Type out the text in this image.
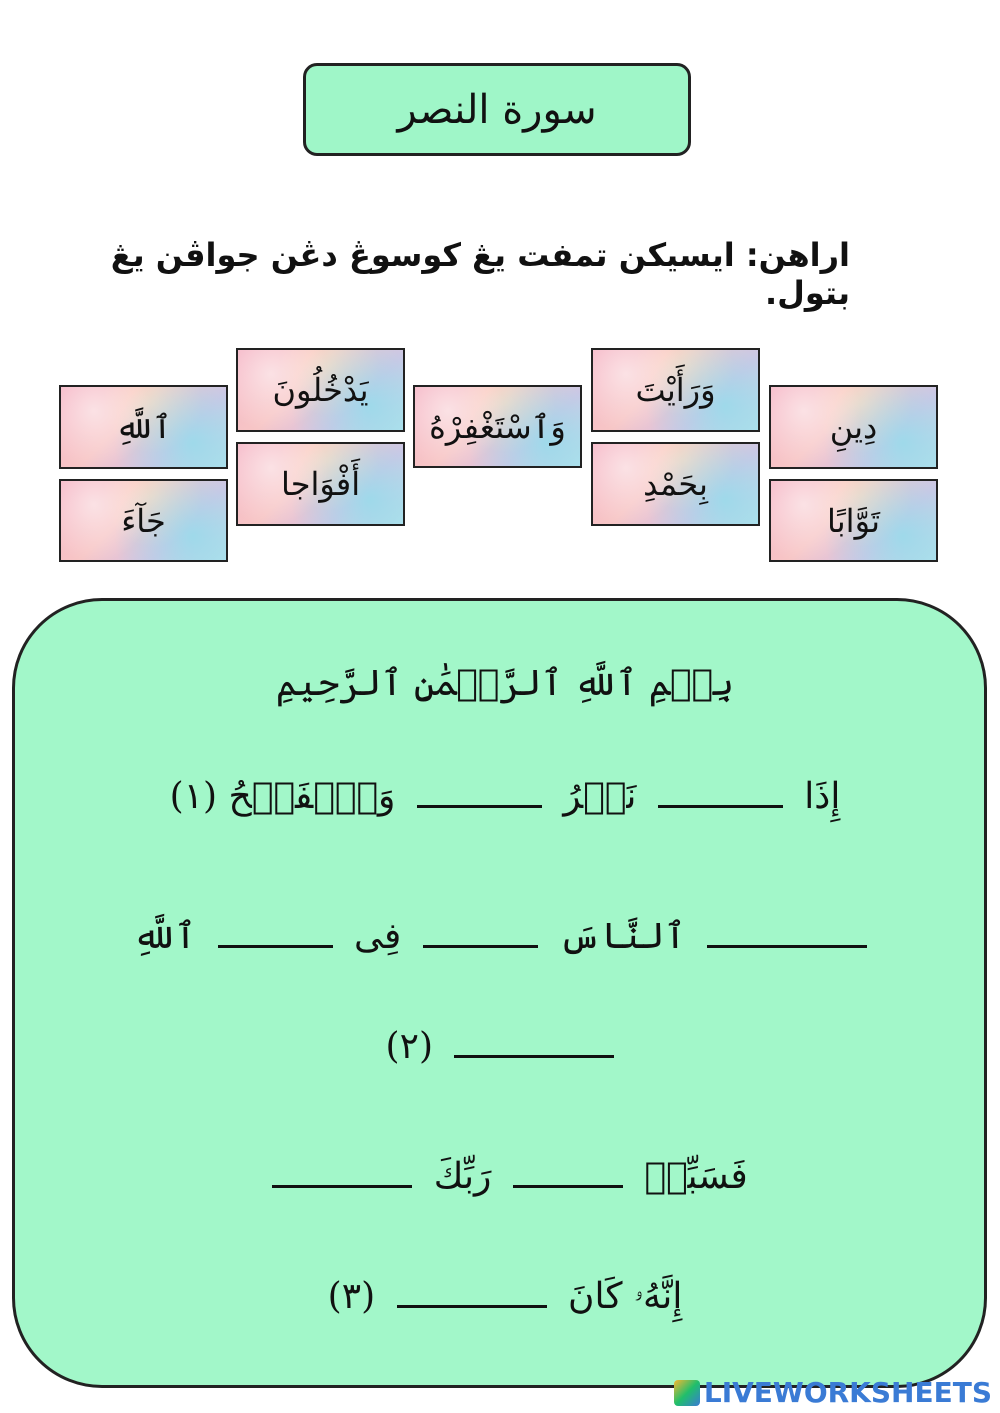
سورة النصر
اراهن: ايسيكن تمفت يڠ كوسوڠ دڠن جواڤن يڠ بتول.
دِينِ
تَوَّابًا
وَرَأَيْتَ
بِحَمْدِ
وَٱسْتَغْفِرْهُ
يَدْخُلُونَ
أَفْوَاجا
ٱللَّهِ
جَآءَ
بِسۡمِ ٱللَّهِ ٱلرَّحۡمَٰنِ ٱلرَّحِيمِ
إِذَا  نَصۡرُ  وَٱلۡفَتۡحُ (١)
ٱلنَّاسَ  فِى  ٱللَّهِ
(٢)
فَسَبِّحۡ  رَبِّكَ
إِنَّهُۥ كَانَ  (٣)
LIVEWORKSHEETS
